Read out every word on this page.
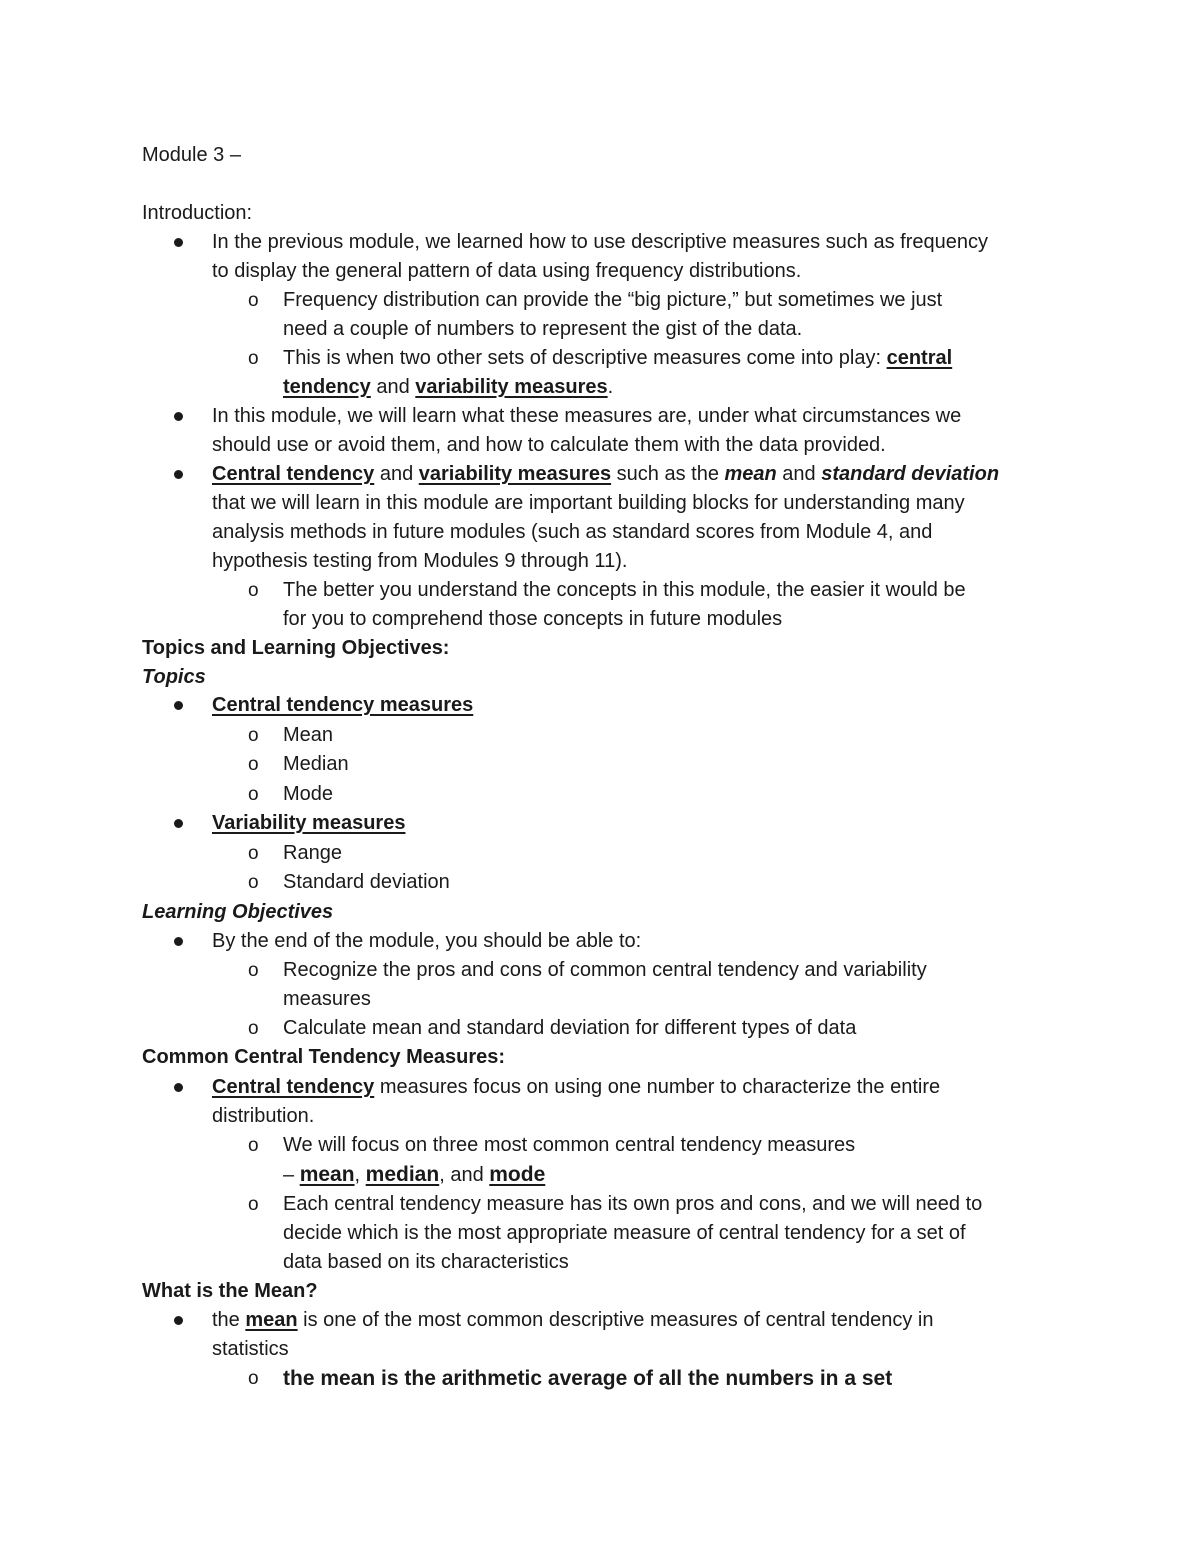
Module 3 –
Introduction:
In the previous module, we learned how to use descriptive measures such as frequency
to display the general pattern of data using frequency distributions.
o Frequency distribution can provide the “big picture,” but sometimes we just
need a couple of numbers to represent the gist of the data.
o This is when two other sets of descriptive measures come into play: central
tendency and variability measures.
In this module, we will learn what these measures are, under what circumstances we
should use or avoid them, and how to calculate them with the data provided.
Central tendency and variability measures such as the mean and standard deviation
that we will learn in this module are important building blocks for understanding many
analysis methods in future modules (such as standard scores from Module 4, and
hypothesis testing from Modules 9 through 11).
o The better you understand the concepts in this module, the easier it would be
for you to comprehend those concepts in future modules
Topics and Learning Objectives:
Topics
Central tendency measures
o Mean
o Median
o Mode
Variability measures
o Range
o Standard deviation
Learning Objectives
By the end of the module, you should be able to:
o Recognize the pros and cons of common central tendency and variability
measures
o Calculate mean and standard deviation for different types of data
Common Central Tendency Measures:
Central tendency measures focus on using one number to characterize the entire
distribution.
o We will focus on three most common central tendency measures
– mean, median, and mode
o Each central tendency measure has its own pros and cons, and we will need to
decide which is the most appropriate measure of central tendency for a set of
data based on its characteristics
What is the Mean?
the mean is one of the most common descriptive measures of central tendency in
statistics
o the mean is the arithmetic average of all the numbers in a set
